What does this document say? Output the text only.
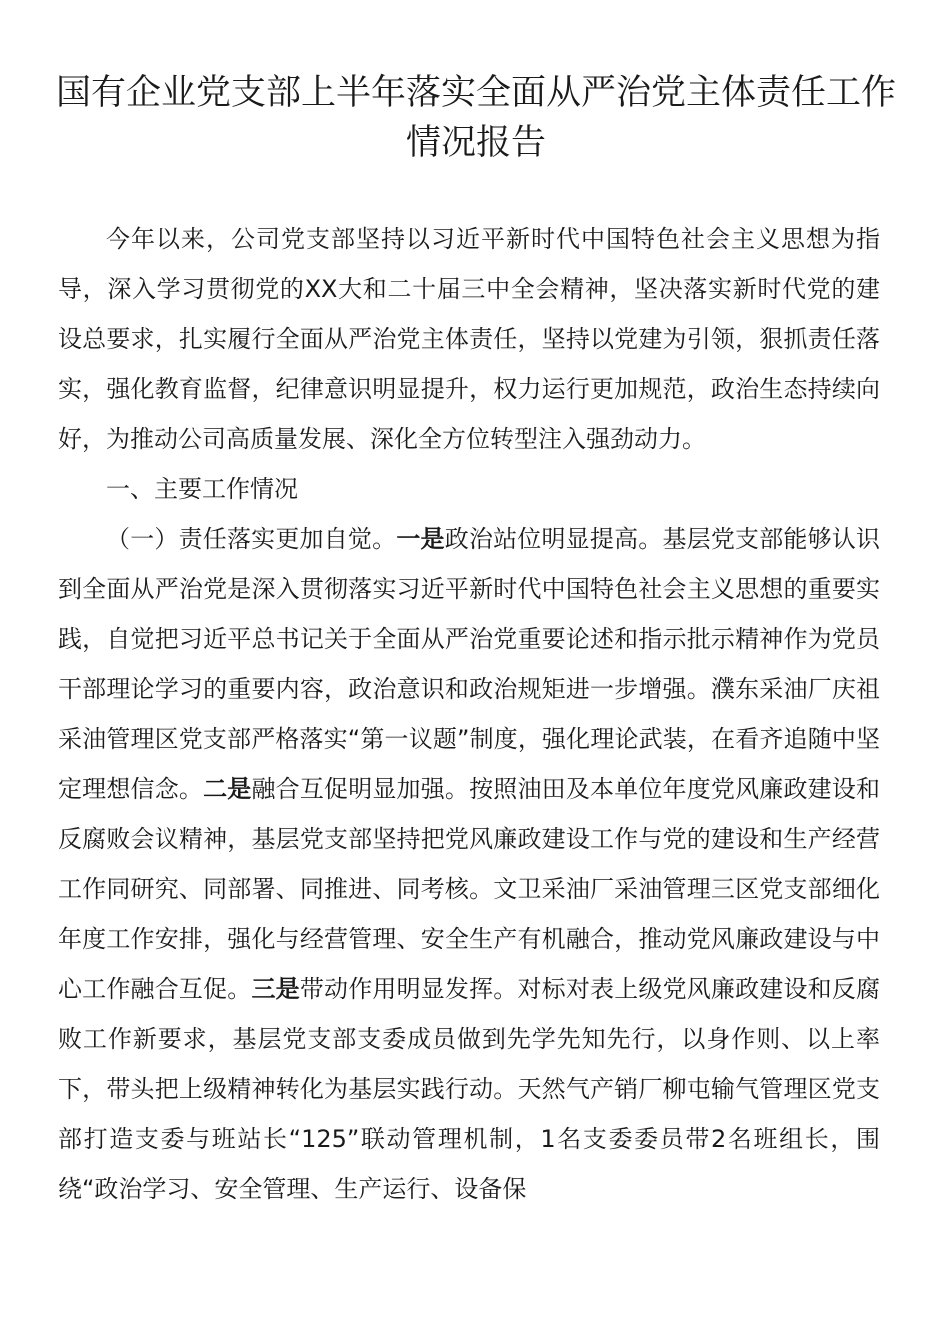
国有企业党支部上半年落实全面从严治党主体责任工作情况报告

今年以来，公司党支部坚持以习近平新时代中国特色社会主义思想为指导，深入学习贯彻党的XX大和二十届三中全会精神，坚决落实新时代党的建设总要求，扎实履行全面从严治党主体责任，坚持以党建为引领，狠抓责任落实，强化教育监督，纪律意识明显提升，权力运行更加规范，政治生态持续向好，为推动公司高质量发展、深化全方位转型注入强劲动力。

一、主要工作情况

（一）责任落实更加自觉。一是政治站位明显提高。基层党支部能够认识到全面从严治党是深入贯彻落实习近平新时代中国特色社会主义思想的重要实践，自觉把习近平总书记关于全面从严治党重要论述和指示批示精神作为党员干部理论学习的重要内容，政治意识和政治规矩进一步增强。濮东采油厂庆祖采油管理区党支部严格落实“第一议题”制度，强化理论武装，在看齐追随中坚定理想信念。二是融合互促明显加强。按照油田及本单位年度党风廉政建设和反腐败会议精神，基层党支部坚持把党风廉政建设工作与党的建设和生产经营工作同研究、同部署、同推进、同考核。文卫采油厂采油管理三区党支部细化年度工作安排，强化与经营管理、安全生产有机融合，推动党风廉政建设与中心工作融合互促。三是带动作用明显发挥。对标对表上级党风廉政建设和反腐败工作新要求，基层党支部支委成员做到先学先知先行，以身作则、以上率下，带头把上级精神转化为基层实践行动。天然气产销厂柳屯输气管理区党支部打造支委与班站长“125”联动管理机制，1名支委委员带2名班组长，围绕“政治学习、安全管理、生产运行、设备保
